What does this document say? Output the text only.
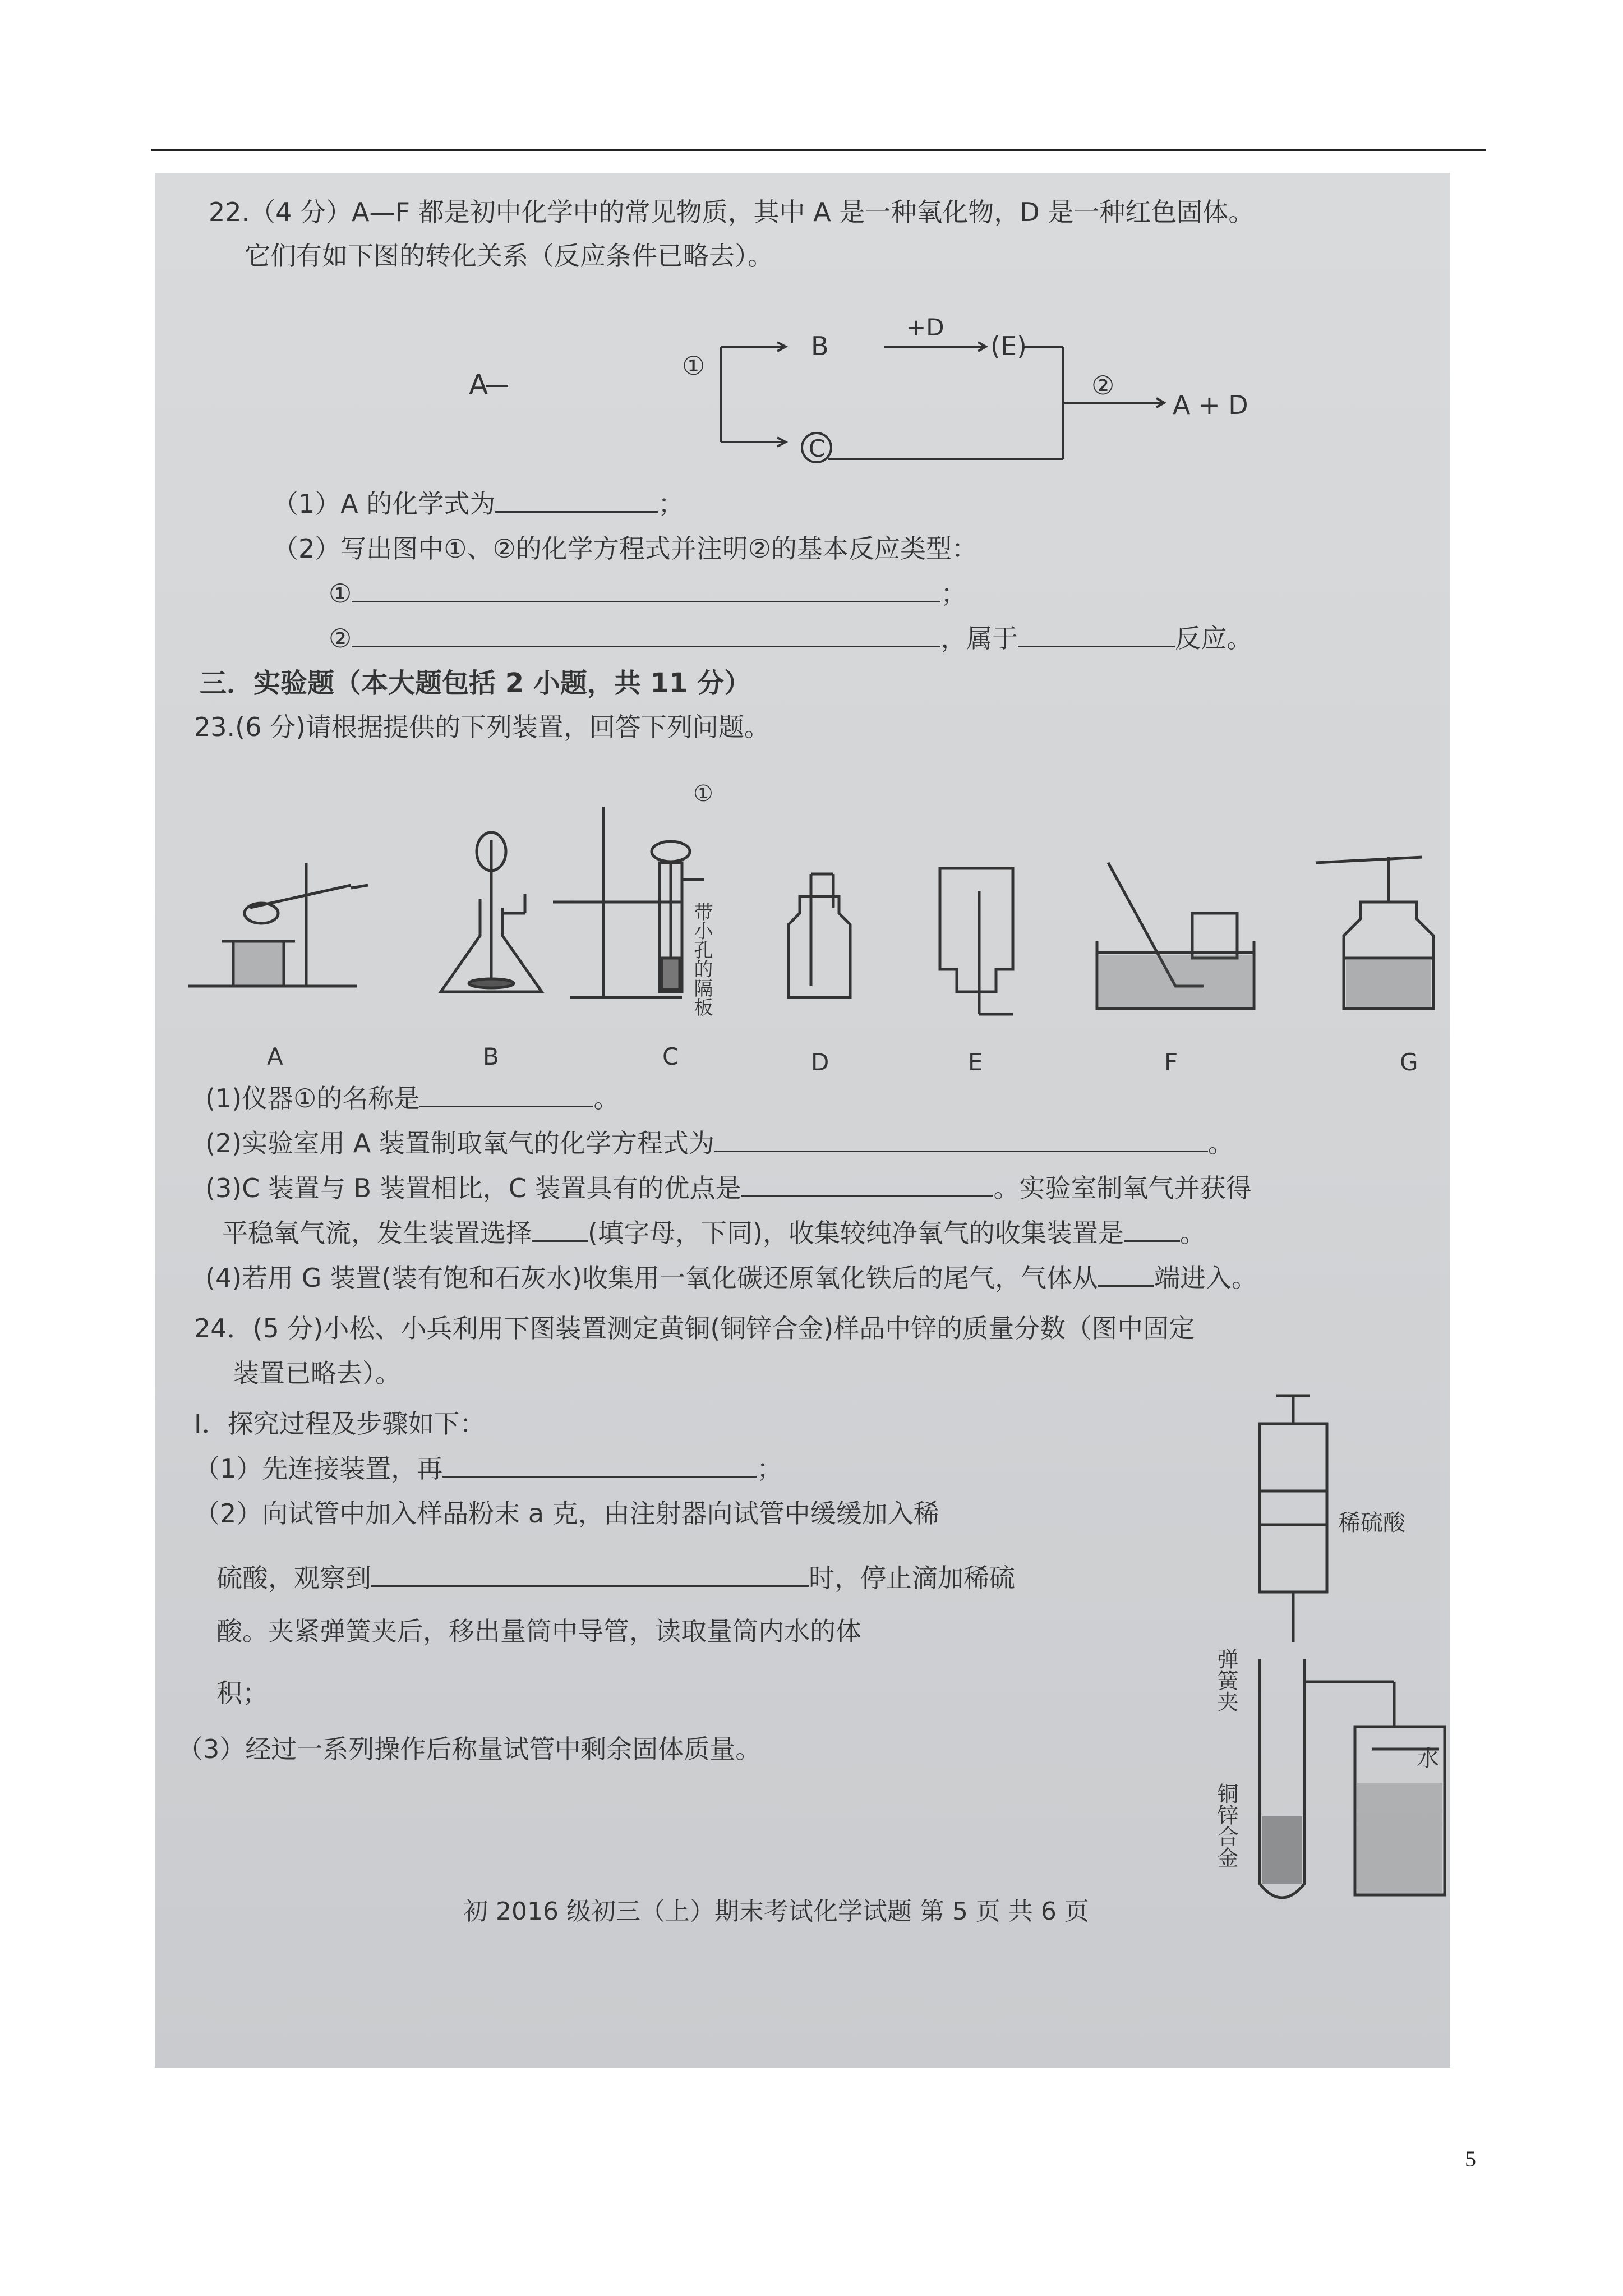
22.（4 分）A—F 都是初中化学中的常见物质，其中 A 是一种氧化物，D 是一种红色固体。
它们有如下图的转化关系（反应条件已略去）。
A
①
B
+D
(E)
C
②
A + D
（1）A 的化学式为	；
（2）写出图中①、②的化学方程式并注明②的基本反应类型：
①	；
②	，属于	反应。
三．实验题（本大题包括 2 小题，共 11 分）
23.(6 分)请根据提供的下列装置，回答下列问题。
①
带小孔的隔板
A	B	C	D	E	F	G
(1)仪器①的名称是	。
(2)实验室用 A 装置制取氧气的化学方程式为	。
(3)C 装置与 B 装置相比，C 装置具有的优点是	。实验室制氧气并获得
平稳氧气流，发生装置选择 (填字母，下同)，收集较纯净氧气的收集装置是 。
(4)若用 G 装置(装有饱和石灰水)收集用一氧化碳还原氧化铁后的尾气，气体从 端进入。
24．(5 分)小松、小兵利用下图装置测定黄铜(铜锌合金)样品中锌的质量分数（图中固定
装置已略去）。
Ⅰ．探究过程及步骤如下：
（1）先连接装置，再	；
（2）向试管中加入样品粉末 a 克，由注射器向试管中缓缓加入稀
硫酸，观察到	时，停止滴加稀硫
酸。夹紧弹簧夹后，移出量筒中导管，读取量筒内水的体
积；
（3）经过一系列操作后称量试管中剩余固体质量。
稀硫酸
弹簧夹
铜锌合金
水
初 2016 级初三（上）期末考试化学试题 第 5 页 共 6 页
5
